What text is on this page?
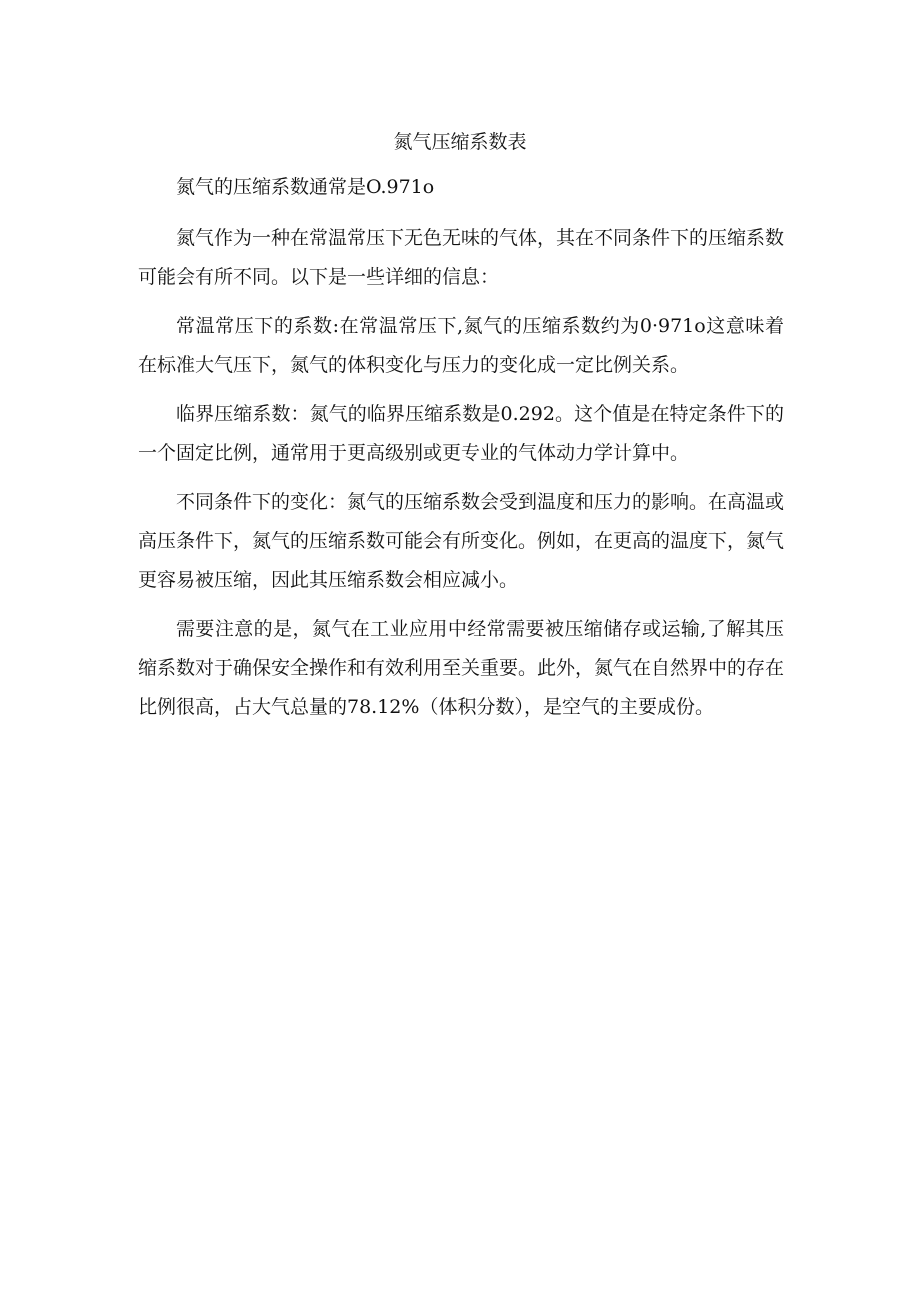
氮气压缩系数表

氮气的压缩系数通常是O.971o

氮气作为一种在常温常压下无色无味的气体，其在不同条件下的压缩系数可能会有所不同。以下是一些详细的信息：

常温常压下的系数:在常温常压下,氮气的压缩系数约为0·971o这意味着在标准大气压下，氮气的体积变化与压力的变化成一定比例关系。

临界压缩系数：氮气的临界压缩系数是0.292。这个值是在特定条件下的一个固定比例，通常用于更高级别或更专业的气体动力学计算中。

不同条件下的变化：氮气的压缩系数会受到温度和压力的影响。在高温或高压条件下，氮气的压缩系数可能会有所变化。例如，在更高的温度下，氮气更容易被压缩，因此其压缩系数会相应减小。

需要注意的是，氮气在工业应用中经常需要被压缩储存或运输,了解其压缩系数对于确保安全操作和有效利用至关重要。此外，氮气在自然界中的存在比例很高，占大气总量的78.12%（体积分数），是空气的主要成份。
